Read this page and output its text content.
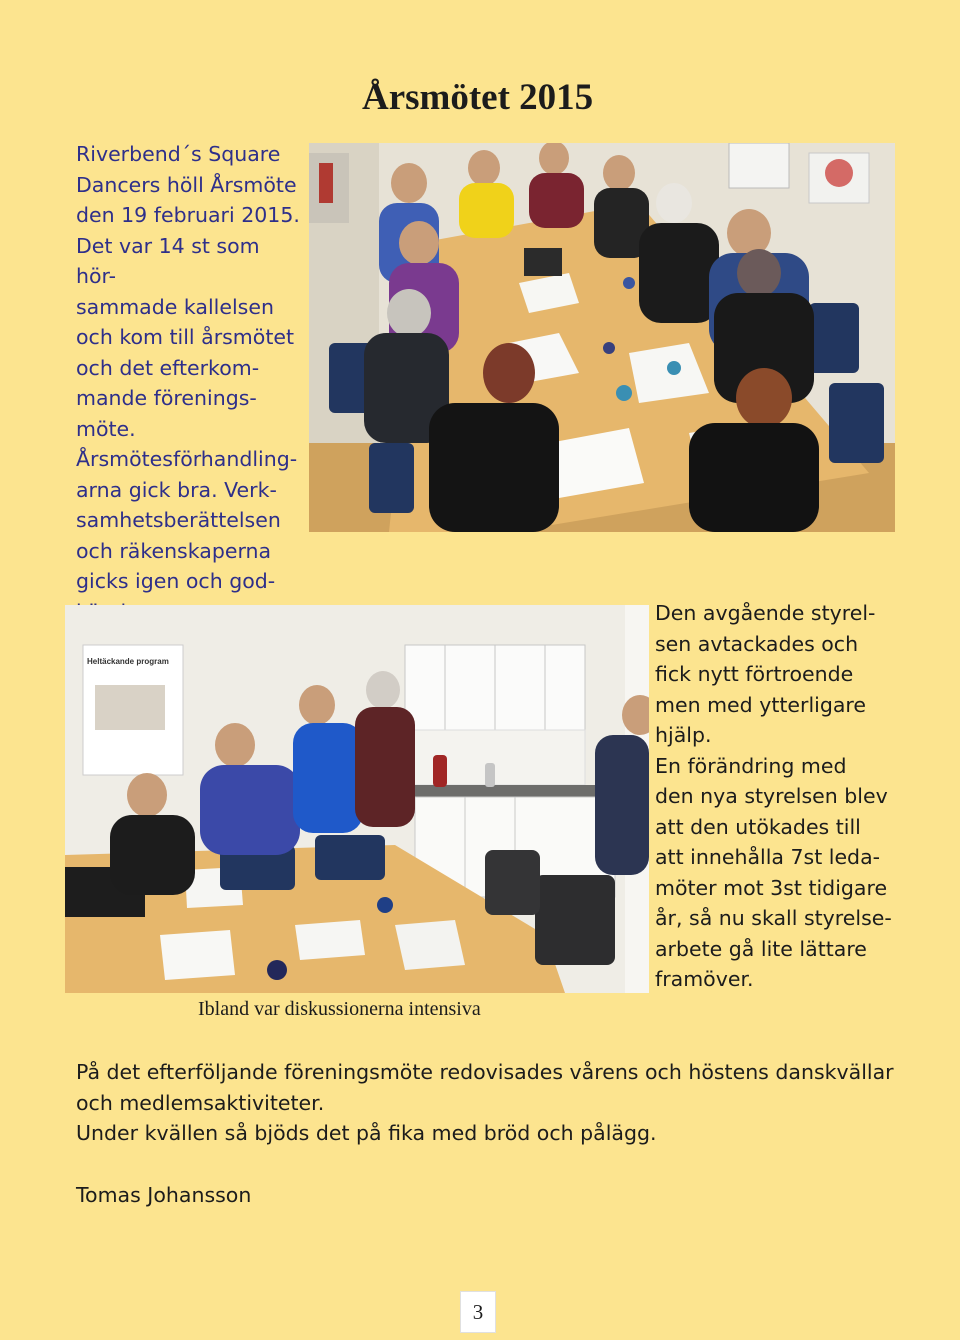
Årsmötet 2015

Riverbend´s Square
Dancers höll Årsmöte
den 19 februari 2015.
Det var 14 st som hör-
sammade kallelsen
och kom till årsmötet
och det efterkom-
mande förenings-
möte.
Årsmötesförhandling-
arna gick bra. Verk-
samhetsberättelsen
och räkenskaperna
gicks igen och god-

Heltäckande program

Ibland var diskussionerna intensiva

Den avgående styrel-
sen avtackades och
fick nytt förtroende
men med ytterligare
hjälp.
En förändring med
den nya styrelsen blev
att den utökades till
att innehålla 7st leda-
möter mot 3st tidigare
år, så nu skall styrelse-
arbete gå lite lättare
framöver.

På det efterföljande föreningsmöte redovisades vårens och höstens danskvällar och medlemsaktiviteter.

Under kvällen så bjöds det på fika med bröd och pålägg.

Tomas Johansson

3
